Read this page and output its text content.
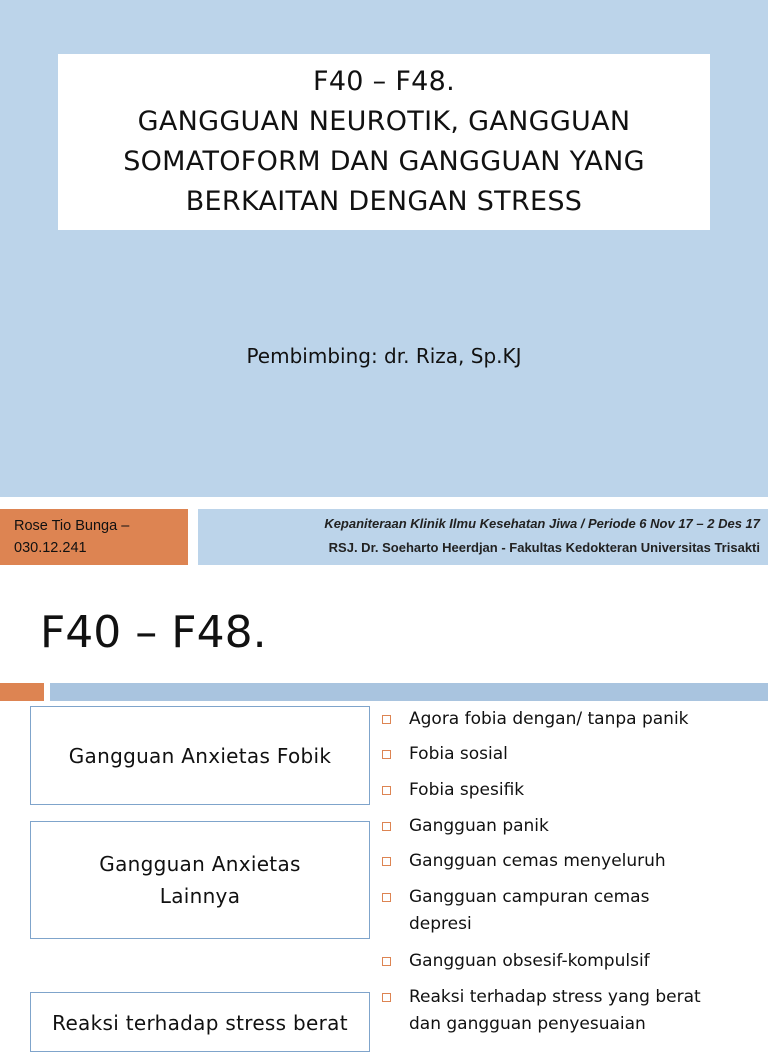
F40 – F48.
GANGGUAN NEUROTIK, GANGGUAN
SOMATOFORM DAN GANGGUAN YANG
BERKAITAN DENGAN STRESS
Pembimbing: dr. Riza, Sp.KJ
Rose Tio Bunga –
030.12.241
Kepaniteraan Klinik Ilmu Kesehatan Jiwa / Periode 6 Nov 17 – 2 Des 17
RSJ. Dr. Soeharto Heerdjan - Fakultas Kedokteran Universitas Trisakti
F40 – F48.
Gangguan Anxietas Fobik
Gangguan Anxietas
Lainnya
Reaksi terhadap stress berat
Agora fobia dengan/ tanpa panik
Fobia sosial
Fobia spesifik
Gangguan panik
Gangguan cemas menyeluruh
Gangguan campuran cemas
depresi
Gangguan obsesif-kompulsif
Reaksi terhadap stress yang berat
dan gangguan penyesuaian
